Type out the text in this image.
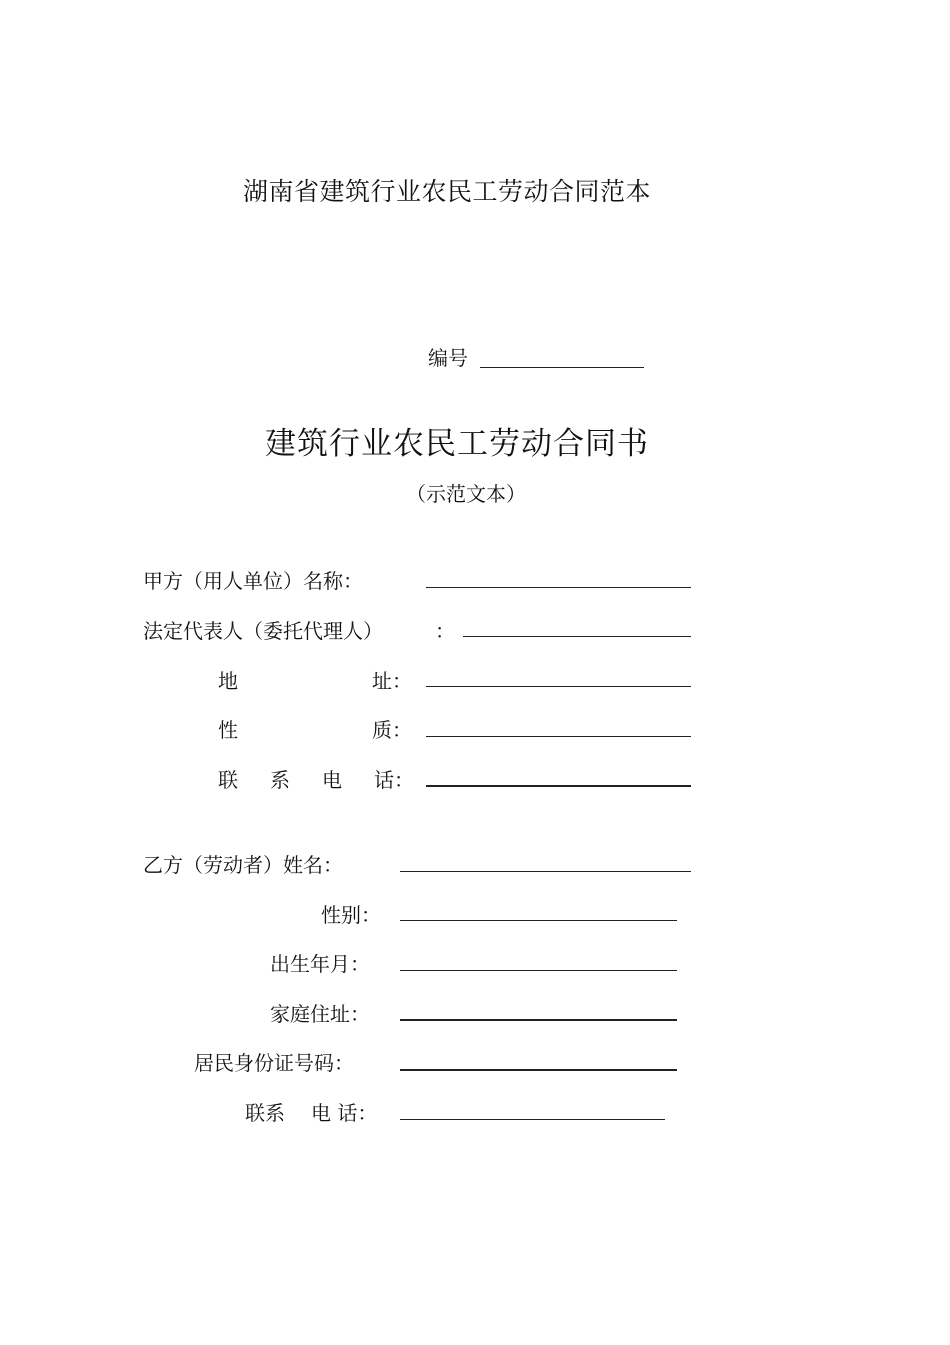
湖南省建筑行业农民工劳动合同范本
编号
建筑行业农民工劳动合同书
（示范文本）
甲方（用人单位）名称：
法定代表人（委托代理人）	：
地	址：
性	质：
联 系 电 话：
乙方（劳动者）姓名：
性别：
出生年月：
家庭住址：
居民身份证号码：
联系 电 话：
